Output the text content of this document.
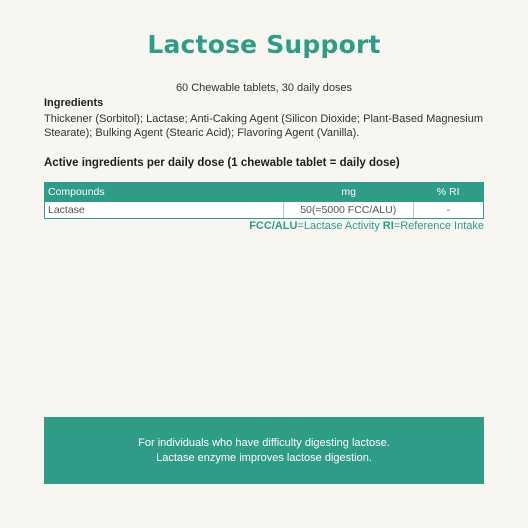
Lactose Support
60 Chewable tablets, 30 daily doses
Ingredients
Thickener (Sorbitol); Lactase; Anti-Caking Agent (Silicon Dioxide; Plant-Based Magnesium Stearate); Bulking Agent (Stearic Acid); Flavoring Agent (Vanilla).
Active ingredients per daily dose (1 chewable tablet = daily dose)
Compounds	mg	% RI
Lactase	50(=5000 FCC/ALU)	-
FCC/ALU=Lactase Activity RI=Reference Intake
For individuals who have difficulty digesting lactose.
Lactase enzyme improves lactose digestion.
